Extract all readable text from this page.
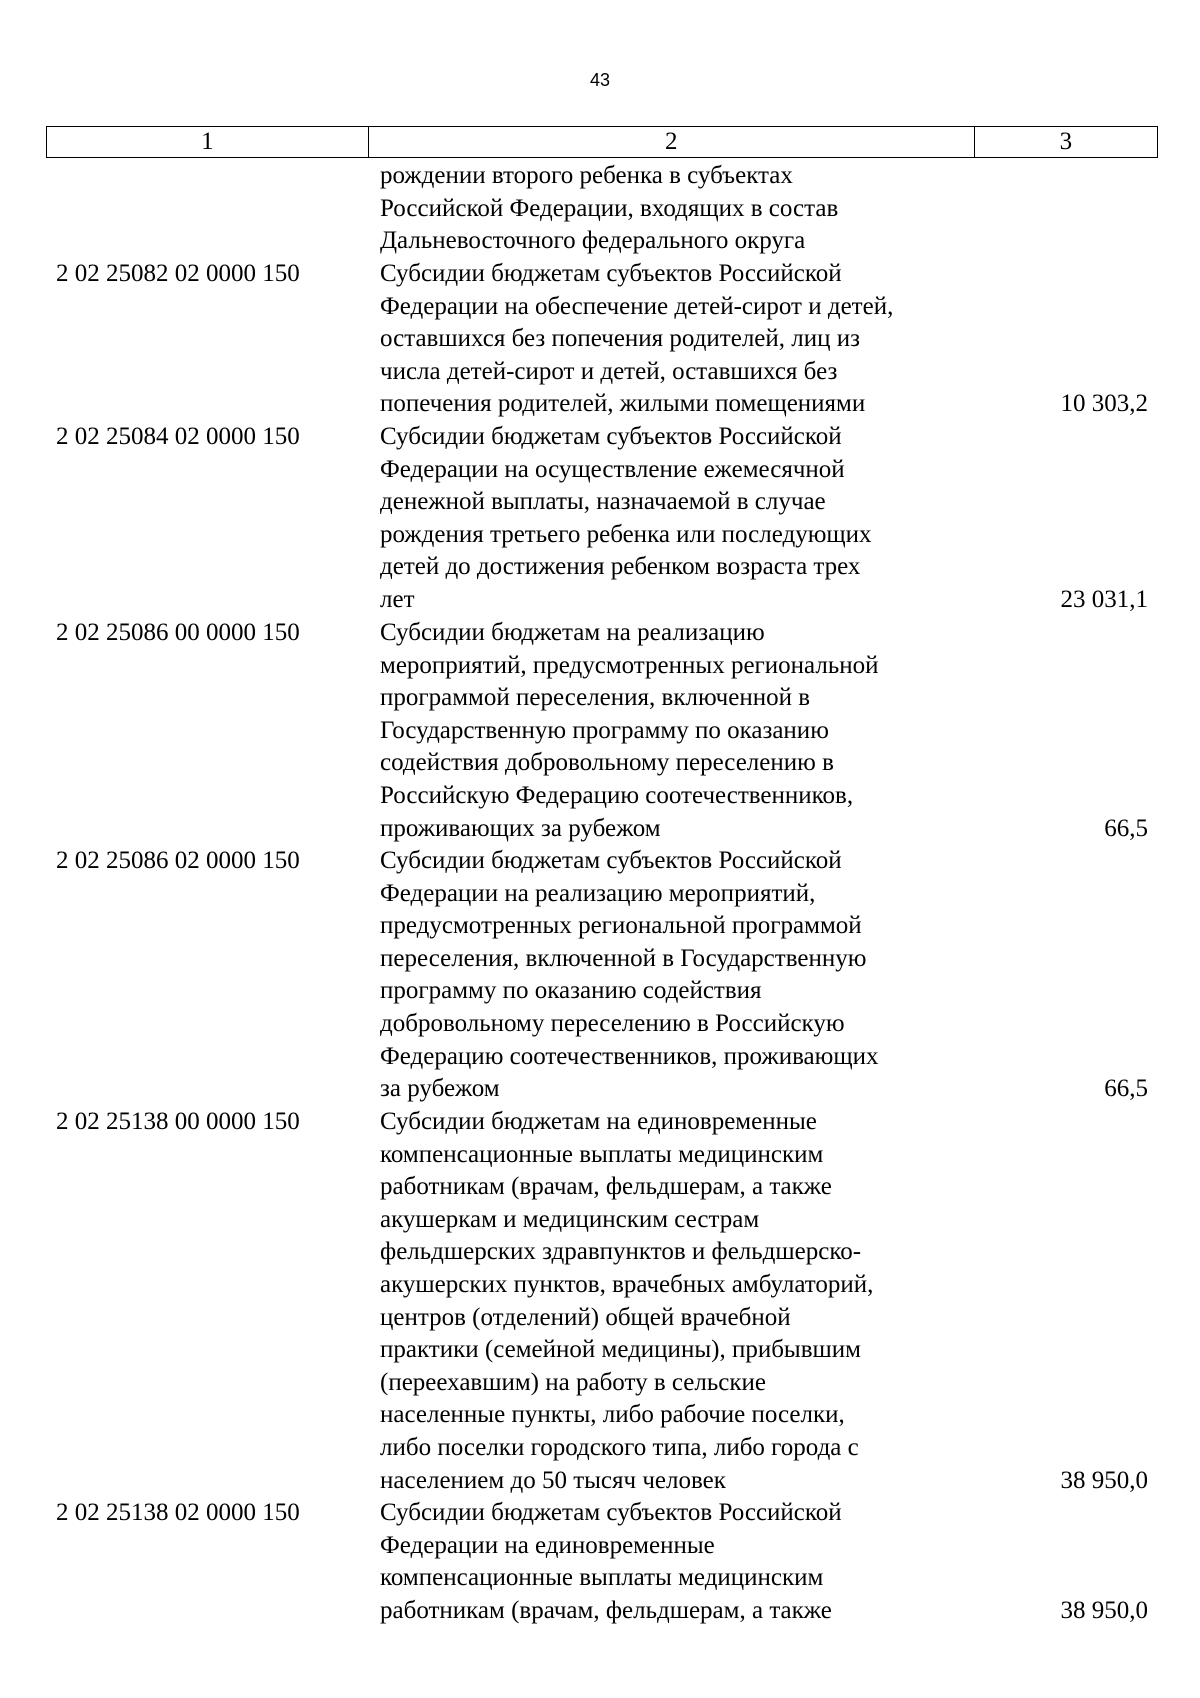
43
1	2	3
рождении второго ребенка в субъектах
Российской Федерации, входящих в состав
Дальневосточного федерального округа
2 02 25082 02 0000 150	Субсидии бюджетам субъектов Российской
Федерации на обеспечение детей-сирот и детей,
оставшихся без попечения родителей, лиц из
числа детей-сирот и детей, оставшихся без
попечения родителей, жилыми помещениями	10 303,2
2 02 25084 02 0000 150	Субсидии бюджетам субъектов Российской
Федерации на осуществление ежемесячной
денежной выплаты, назначаемой в случае
рождения третьего ребенка или последующих
детей до достижения ребенком возраста трех
лет	23 031,1
2 02 25086 00 0000 150	Субсидии бюджетам на реализацию
мероприятий, предусмотренных региональной
программой переселения, включенной в
Государственную программу по оказанию
содействия добровольному переселению в
Российскую Федерацию соотечественников,
проживающих за рубежом	66,5
2 02 25086 02 0000 150	Субсидии бюджетам субъектов Российской
Федерации на реализацию мероприятий,
предусмотренных региональной программой
переселения, включенной в Государственную
программу по оказанию содействия
добровольному переселению в Российскую
Федерацию соотечественников, проживающих
за рубежом	66,5
2 02 25138 00 0000 150	Субсидии бюджетам на единовременные
компенсационные выплаты медицинским
работникам (врачам, фельдшерам, а также
акушеркам и медицинским сестрам
фельдшерских здравпунктов и фельдшерско-
акушерских пунктов, врачебных амбулаторий,
центров (отделений) общей врачебной
практики (семейной медицины), прибывшим
(переехавшим) на работу в сельские
населенные пункты, либо рабочие поселки,
либо поселки городского типа, либо города с
населением до 50 тысяч человек	38 950,0
2 02 25138 02 0000 150	Субсидии бюджетам субъектов Российской
Федерации на единовременные
компенсационные выплаты медицинским
работникам (врачам, фельдшерам, а также	38 950,0
